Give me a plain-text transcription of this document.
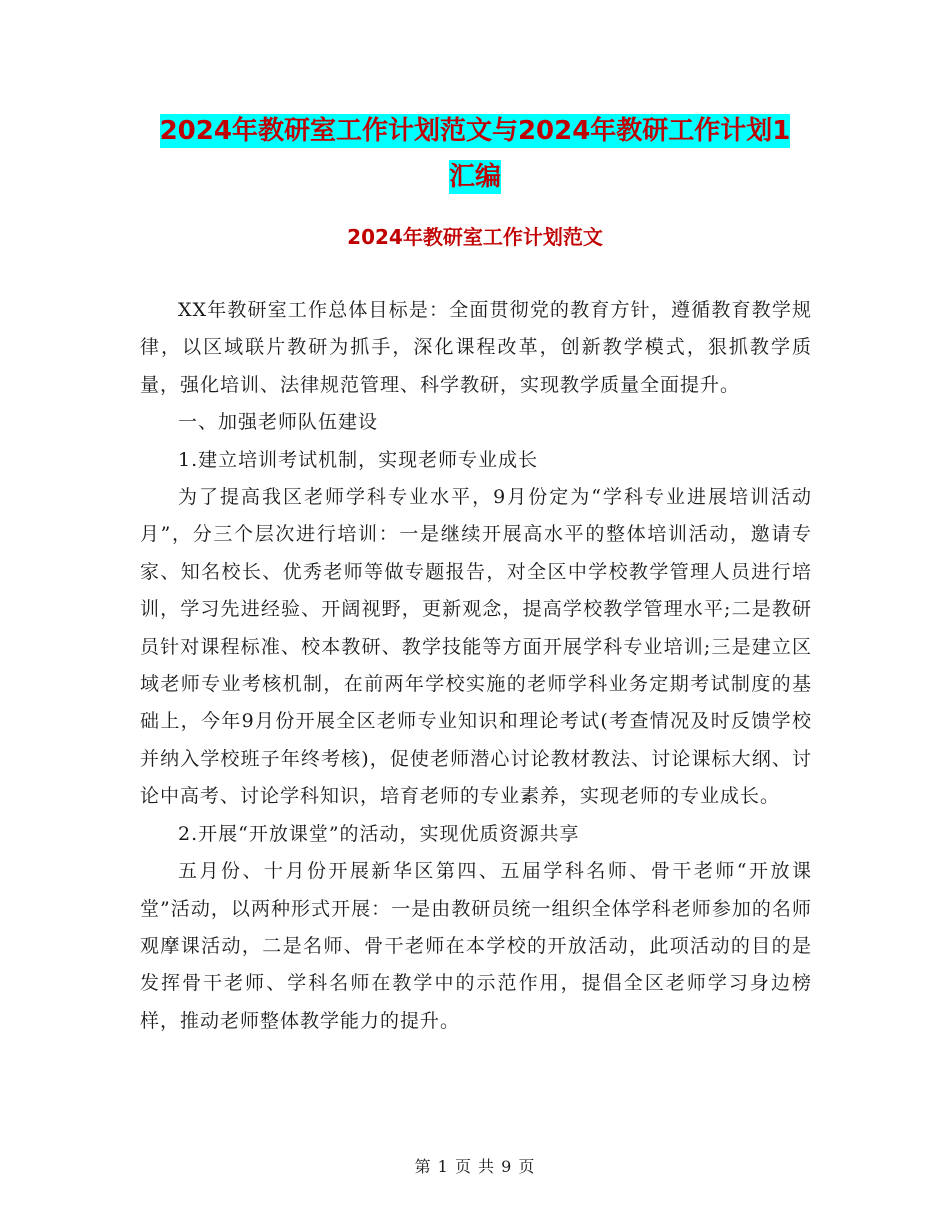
2024年教研室工作计划范文与2024年教研工作计划1
汇编
2024年教研室工作计划范文

XX年教研室工作总体目标是：全面贯彻党的教育方针，遵循教育教学规律，以区域联片教研为抓手，深化课程改革，创新教学模式，狠抓教学质量，强化培训、法律规范管理、科学教研，实现教学质量全面提升。

一、加强老师队伍建设

1.建立培训考试机制，实现老师专业成长

为了提高我区老师学科专业水平，9月份定为“学科专业进展培训活动月”，分三个层次进行培训：一是继续开展高水平的整体培训活动，邀请专家、知名校长、优秀老师等做专题报告，对全区中学校教学管理人员进行培训，学习先进经验、开阔视野，更新观念，提高学校教学管理水平;二是教研员针对课程标准、校本教研、教学技能等方面开展学科专业培训;三是建立区域老师专业考核机制，在前两年学校实施的老师学科业务定期考试制度的基础上，今年9月份开展全区老师专业知识和理论考试(考查情况及时反馈学校并纳入学校班子年终考核)，促使老师潜心讨论教材教法、讨论课标大纲、讨论中高考、讨论学科知识，培育老师的专业素养，实现老师的专业成长。

2.开展“开放课堂”的活动，实现优质资源共享

五月份、十月份开展新华区第四、五届学科名师、骨干老师“开放课堂”活动，以两种形式开展：一是由教研员统一组织全体学科老师参加的名师观摩课活动，二是名师、骨干老师在本学校的开放活动，此项活动的目的是发挥骨干老师、学科名师在教学中的示范作用，提倡全区老师学习身边榜样，推动老师整体教学能力的提升。

第 1 页 共 9 页
